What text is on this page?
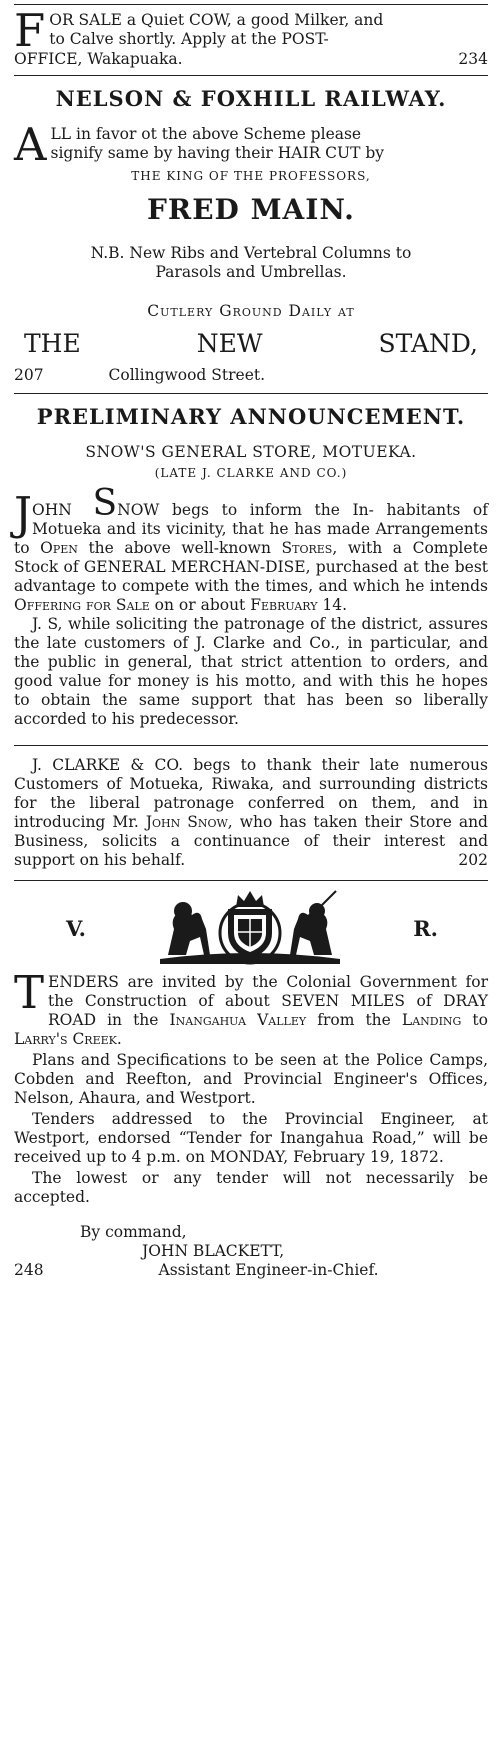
F OR SALE a Quiet COW, a good Milker, and

to Calve shortly. Apply at the POST-

OFFICE, Wakapuaka.	234
NELSON & FOXHILL RAILWAY.
A LL in favor ot the above Scheme please

signify same by having their HAIR CUT by

THE KING OF THE PROFESSORS,
FRED MAIN.

N.B. New Ribs and Vertebral Columns to

Parasols and Umbrellas.

Cutlery Ground Daily at

THE	NEW	STAND,
207	Collingwood Street.
PRELIMINARY ANNOUNCEMENT.

SNOW'S GENERAL STORE, MOTUEKA.

(LATE J. CLARKE AND CO.)

J OHN SNOW begs to inform the In- habitants of Motueka and its vicinity, that he has made Arrangements to Open the above well-known Stores, with a Complete Stock of GENERAL MERCHAN-DISE, purchased at the best advantage to compete with the times, and which he intends Offering for Sale on or about February 14.

J. S, while soliciting the patronage of the district, assures the late customers of J. Clarke and Co., in particular, and the public in general, that strict attention to orders, and good value for money is his motto, and with this he hopes to obtain the same support that has been so liberally accorded to his predecessor.

J. CLARKE & CO. begs to thank their late numerous Customers of Motueka, Riwaka, and surrounding districts for the liberal patronage conferred on them, and in introducing Mr. John Snow, who has taken their Store and Business, solicits a continuance of their interest and support on his behalf.	202

V.	R.
T ENDERS are invited by the Colonial Government for the Construction of about SEVEN MILES of DRAY ROAD in the Inangahua Valley from the Landing to Larry's Creek.

Plans and Specifications to be seen at the Police Camps, Cobden and Reefton, and Provincial Engineer's Offices, Nelson, Ahaura, and Westport.

Tenders addressed to the Provincial Engineer, at Westport, endorsed “Tender for Inangahua Road,” will be received up to 4 p.m. on MONDAY, February 19, 1872.

The lowest or any tender will not necessarily be accepted.

By command,

JOHN BLACKETT,

248	Assistant Engineer-in-Chief.
